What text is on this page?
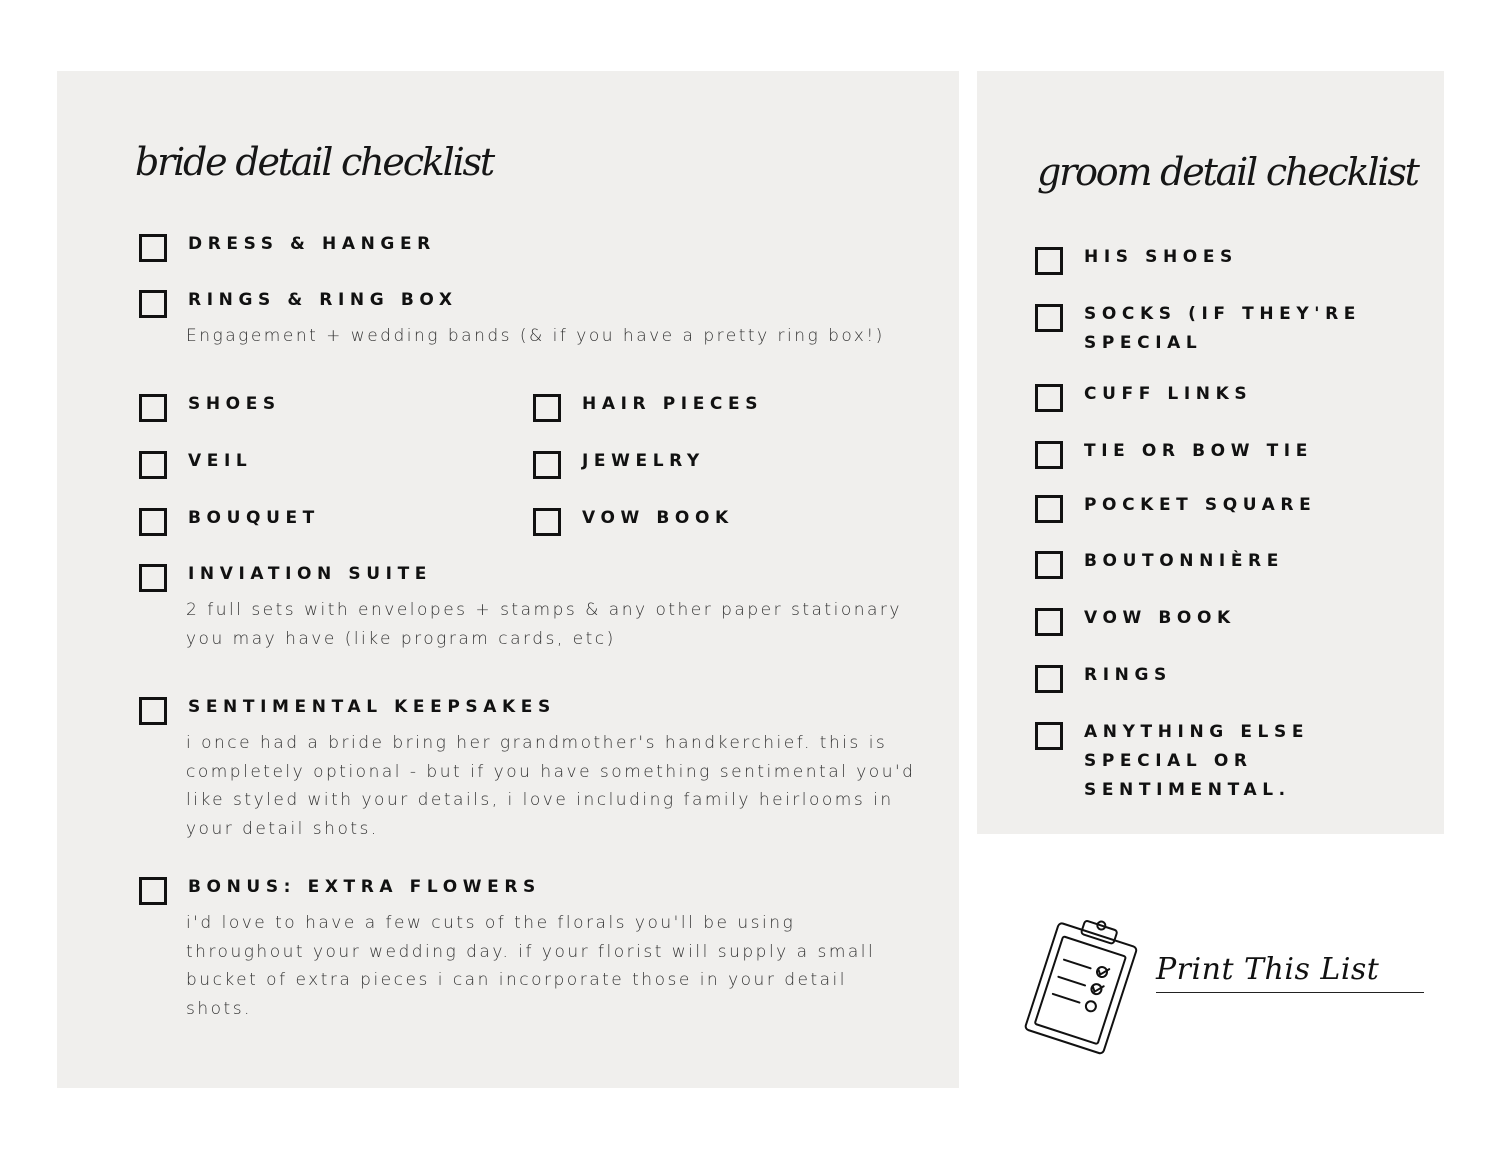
bride detail checklist
DRESS & HANGER
RINGS & RING BOX

Engagement + wedding bands (& if you have a pretty ring box!)

SHOES	HAIR PIECES
VEIL	JEWELRY
BOUQUET	VOW BOOK
INVIATION SUITE

2 full sets with envelopes + stamps & any other paper stationary you may have (like program cards, etc)

SENTIMENTAL KEEPSAKES

i once had a bride bring her grandmother's handkerchief. this is completely optional - but if you have something sentimental you'd like styled with your details, i love including family heirlooms in your detail shots.

BONUS: EXTRA FLOWERS

i'd love to have a few cuts of the florals you'll be using throughout your wedding day. if your florist will supply a small bucket of extra pieces i can incorporate those in your detail shots.

groom detail checklist
HIS SHOES
SOCKS (IF THEY'RE SPECIAL
CUFF LINKS
TIE OR BOW TIE
POCKET SQUARE
BOUTONNIÈRE
VOW BOOK
RINGS
ANYTHING ELSE SPECIAL OR SENTIMENTAL.
Print This List
